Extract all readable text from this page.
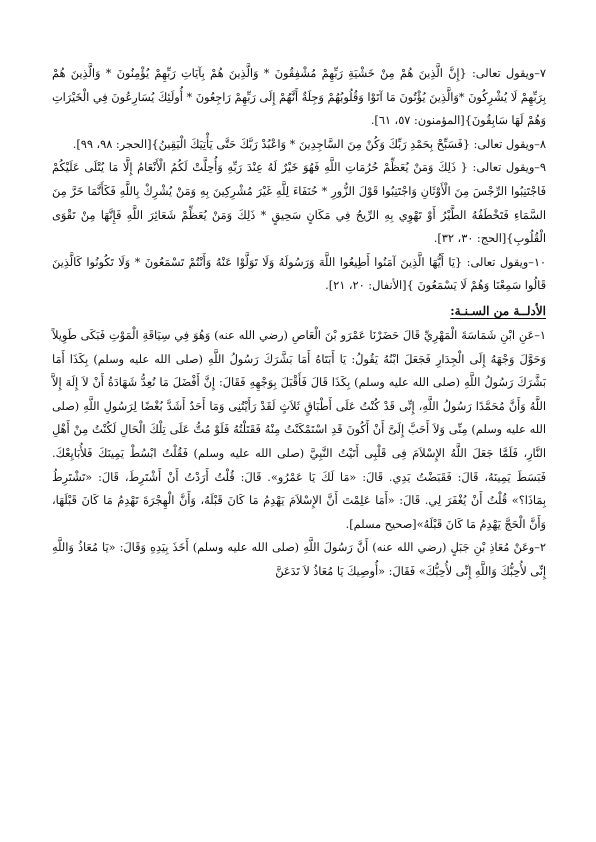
٧–ويقول تعالى: {إِنَّ الَّذِينَ هُمْ مِنْ خَشْيَةِ رَبِّهِمْ مُشْفِقُونَ * وَالَّذِينَ هُمْ بِآيَاتِ رَبِّهِمْ يُؤْمِنُونَ * وَالَّذِينَ هُمْ بِرَبِّهِمْ لَا يُشْرِكُونَ *وَالَّذِينَ يُؤْتُونَ مَا آتَوْا وَقُلُوبُهُمْ وَجِلَةٌ أَنَّهُمْ إِلَى رَبِّهِمْ رَاجِعُونَ * أُولَئِكَ يُسَارِعُونَ فِي الْخَيْرَاتِ وَهُمْ لَهَا سَابِقُونَ}[المؤمنون: ٥٧، ٦١].

٨–ويقول تعالى: {فَسَبِّحْ بِحَمْدِ رَبِّكَ وَكُنْ مِنَ السَّاجِدِينَ * وَاعْبُدْ رَبَّكَ حَتَّى يَأْتِيَكَ الْيَقِينُ}[الحجر: ٩٨، ٩٩].

٩–ويقول تعالى: { ذَلِكَ وَمَنْ يُعَظِّمْ حُرُمَاتِ اللَّهِ فَهُوَ خَيْرٌ لَهُ عِنْدَ رَبِّهِ وَأُحِلَّتْ لَكُمُ الْأَنْعَامُ إِلَّا مَا يُتْلَى عَلَيْكُمْ فَاجْتَنِبُوا الرِّجْسَ مِنَ الْأَوْثَانِ وَاجْتَنِبُوا قَوْلَ الزُّورِ * حُنَفَاءَ لِلَّهِ غَيْرَ مُشْرِكِينَ بِهِ وَمَنْ يُشْرِكْ بِاللَّهِ فَكَأَنَّمَا خَرَّ مِنَ السَّمَاءِ فَتَخْطَفُهُ الطَّيْرُ أَوْ تَهْوِي بِهِ الرِّيحُ فِي مَكَانٍ سَحِيقٍ * ذَلِكَ وَمَنْ يُعَظِّمْ شَعَائِرَ اللَّهِ فَإِنَّهَا مِنْ تَقْوَى الْقُلُوبِ}[الحج: ٣٠، ٣٢].

١٠–ويقول تعالى: {يَا أَيُّهَا الَّذِينَ آمَنُوا أَطِيعُوا اللَّهَ وَرَسُولَهُ وَلَا تَوَلَّوْا عَنْهُ وَأَنْتُمْ تَسْمَعُونَ * وَلَا تَكُونُوا كَالَّذِينَ قَالُوا سَمِعْنَا وَهُمْ لَا يَسْمَعُونَ }[الأنفال: ٢٠، ٢١].

الأدلــة من السـنـة:

١–عَنِ ابْنِ شَمَاسَةَ الْمَهْرِيِّ قَالَ حَضَرْنَا عَمْرَو بْنَ الْعَاصِ (رضي الله عنه) وَهُوَ فِي سِيَاقَةِ الْمَوْتِ فَبَكَى طَوِيلاً وَحَوَّلَ وَجْهَهُ إِلَى الْجِدَارِ فَجَعَلَ ابْنُهُ يَقُولُ: يَا أَبَتَاهُ أَمَا بَشَّرَكَ رَسُولُ اللَّهِ (صلى الله عليه وسلم) بِكَذَا أَمَا بَشَّرَكَ رَسُولُ اللَّهِ (صلى الله عليه وسلم) بِكَذَا قَالَ فَأَقْبَلَ بِوَجْهِهِ فَقَالَ: إِنَّ أَفْضَلَ مَا نُعِدُّ شَهَادَةُ أَنْ لاَ إِلَهَ إِلاَّ اللَّهُ وَأَنَّ مُحَمَّدًا رَسُولُ اللَّهِ، إِنِّى قَدْ كُنْتُ عَلَى أَطْبَاقٍ ثَلاَثٍ لَقَدْ رَأَيْتُنِى وَمَا أَحَدٌ أَشَدَّ بُغْضًا لِرَسُولِ اللَّهِ (صلى الله عليه وسلم) مِنِّى وَلاَ أَحَبَّ إِلَىَّ أَنْ أَكُونَ قَدِ اسْتَمْكَنْتُ مِنْهُ فَقَتَلْتُهُ فَلَوْ مُتُّ عَلَى تِلْكَ الْحَالِ لَكُنْتُ مِنْ أَهْلِ النَّارِ، فَلَمَّا جَعَلَ اللَّهُ الإِسْلاَمَ فِى قَلْبِى أَتَيْتُ النَّبِيَّ (صلى الله عليه وسلم) فَقُلْتُ ابْسُطْ يَمِينَكَ فَلأُبَايِعْكَ. فَبَسَطَ يَمِينَهُ، قَالَ: فَقَبَضْتُ يَدِي. قَالَ: «مَا لَكَ يَا عَمْرُو». قَالَ: قُلْتُ أَرَدْتُ أَنْ أَشْتَرِطَ، قَالَ: «تَشْتَرِطُ بِمَاذَا؟» قُلْتُ أَنْ يُغْفَرَ لِي. قَالَ: «أَمَا عَلِمْتَ أَنَّ الإِسْلاَمَ يَهْدِمُ مَا كَانَ قَبْلَهُ، وَأَنَّ الْهِجْرَةَ تَهْدِمُ مَا كَانَ قَبْلَهَا، وَأَنَّ الْحَجَّ يَهْدِمُ مَا كَانَ قَبْلَهُ»[صحيح مسلم].

٢–وعَنْ مُعَاذِ بْنِ جَبَلٍ (رضي الله عنه) أَنَّ رَسُولَ اللَّهِ (صلى الله عليه وسلم) أَخَذَ بِيَدِهِ وَقَالَ: «يَا مُعَاذُ وَاللَّهِ إِنِّى لأُحِبُّكَ وَاللَّهِ إِنِّى لأُحِبُّكَ» فَقَالَ: «أُوصِيكَ يَا مُعَاذُ لاَ تَدَعَنَّ
